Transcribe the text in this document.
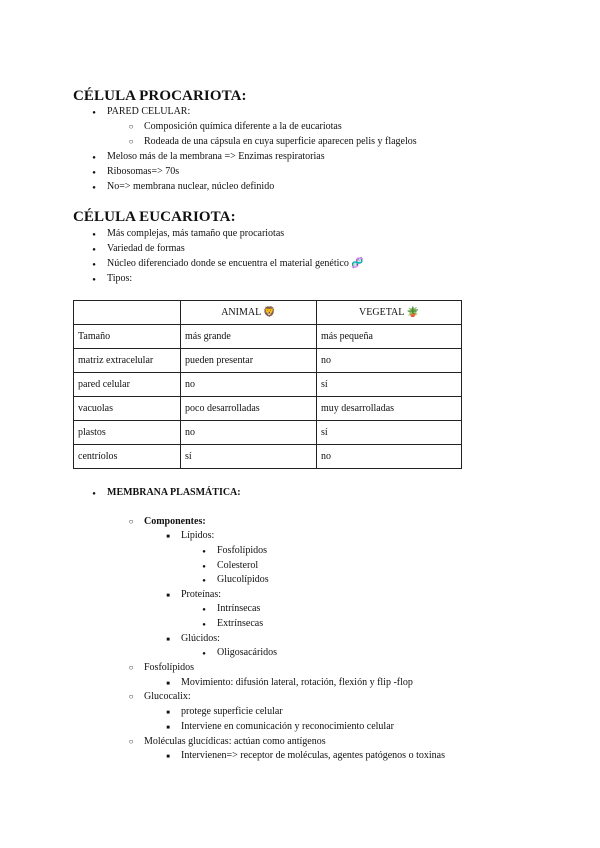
CÉLULA PROCARIOTA:
●
PARED CELULAR:
○
Composición química diferente a la de eucariotas
○
Rodeada de una cápsula en cuya superficie aparecen pelis y flagelos
●
Meloso más de la membrana => Enzimas respiratorias
●
Ribosomas=> 70s
●
No=> membrana nuclear, núcleo definido
CÉLULA EUCARIOTA:
●
Más complejas, más tamaño que procariotas
●
Variedad de formas
●
Núcleo diferenciado donde se encuentra el material genético 🧬
●
Tipos:
	ANIMAL 🦁	VEGETAL 🪴
Tamaño	más grande	más pequeña
matriz extracelular	pueden presentar	no
pared celular	no	sí
vacuolas	poco desarrolladas	muy desarrolladas
plastos	no	sí
centríolos	sí	no
●
MEMBRANA PLASMÁTICA:
○
Componentes:
■
Lípidos:
●
Fosfolípidos
●
Colesterol
●
Glucolípidos
■
Proteínas:
●
Intrínsecas
●
Extrínsecas
■
Glúcidos:
●
Oligosacáridos
○
Fosfolípidos
■
Movimiento: difusión lateral, rotación, flexión y flip -flop
○
Glucocalix:
■
protege superficie celular
■
Interviene en comunicación y reconocimiento celular
○
Moléculas glucídicas: actúan como antígenos
■
Intervienen=> receptor de moléculas, agentes patógenos o toxinas
